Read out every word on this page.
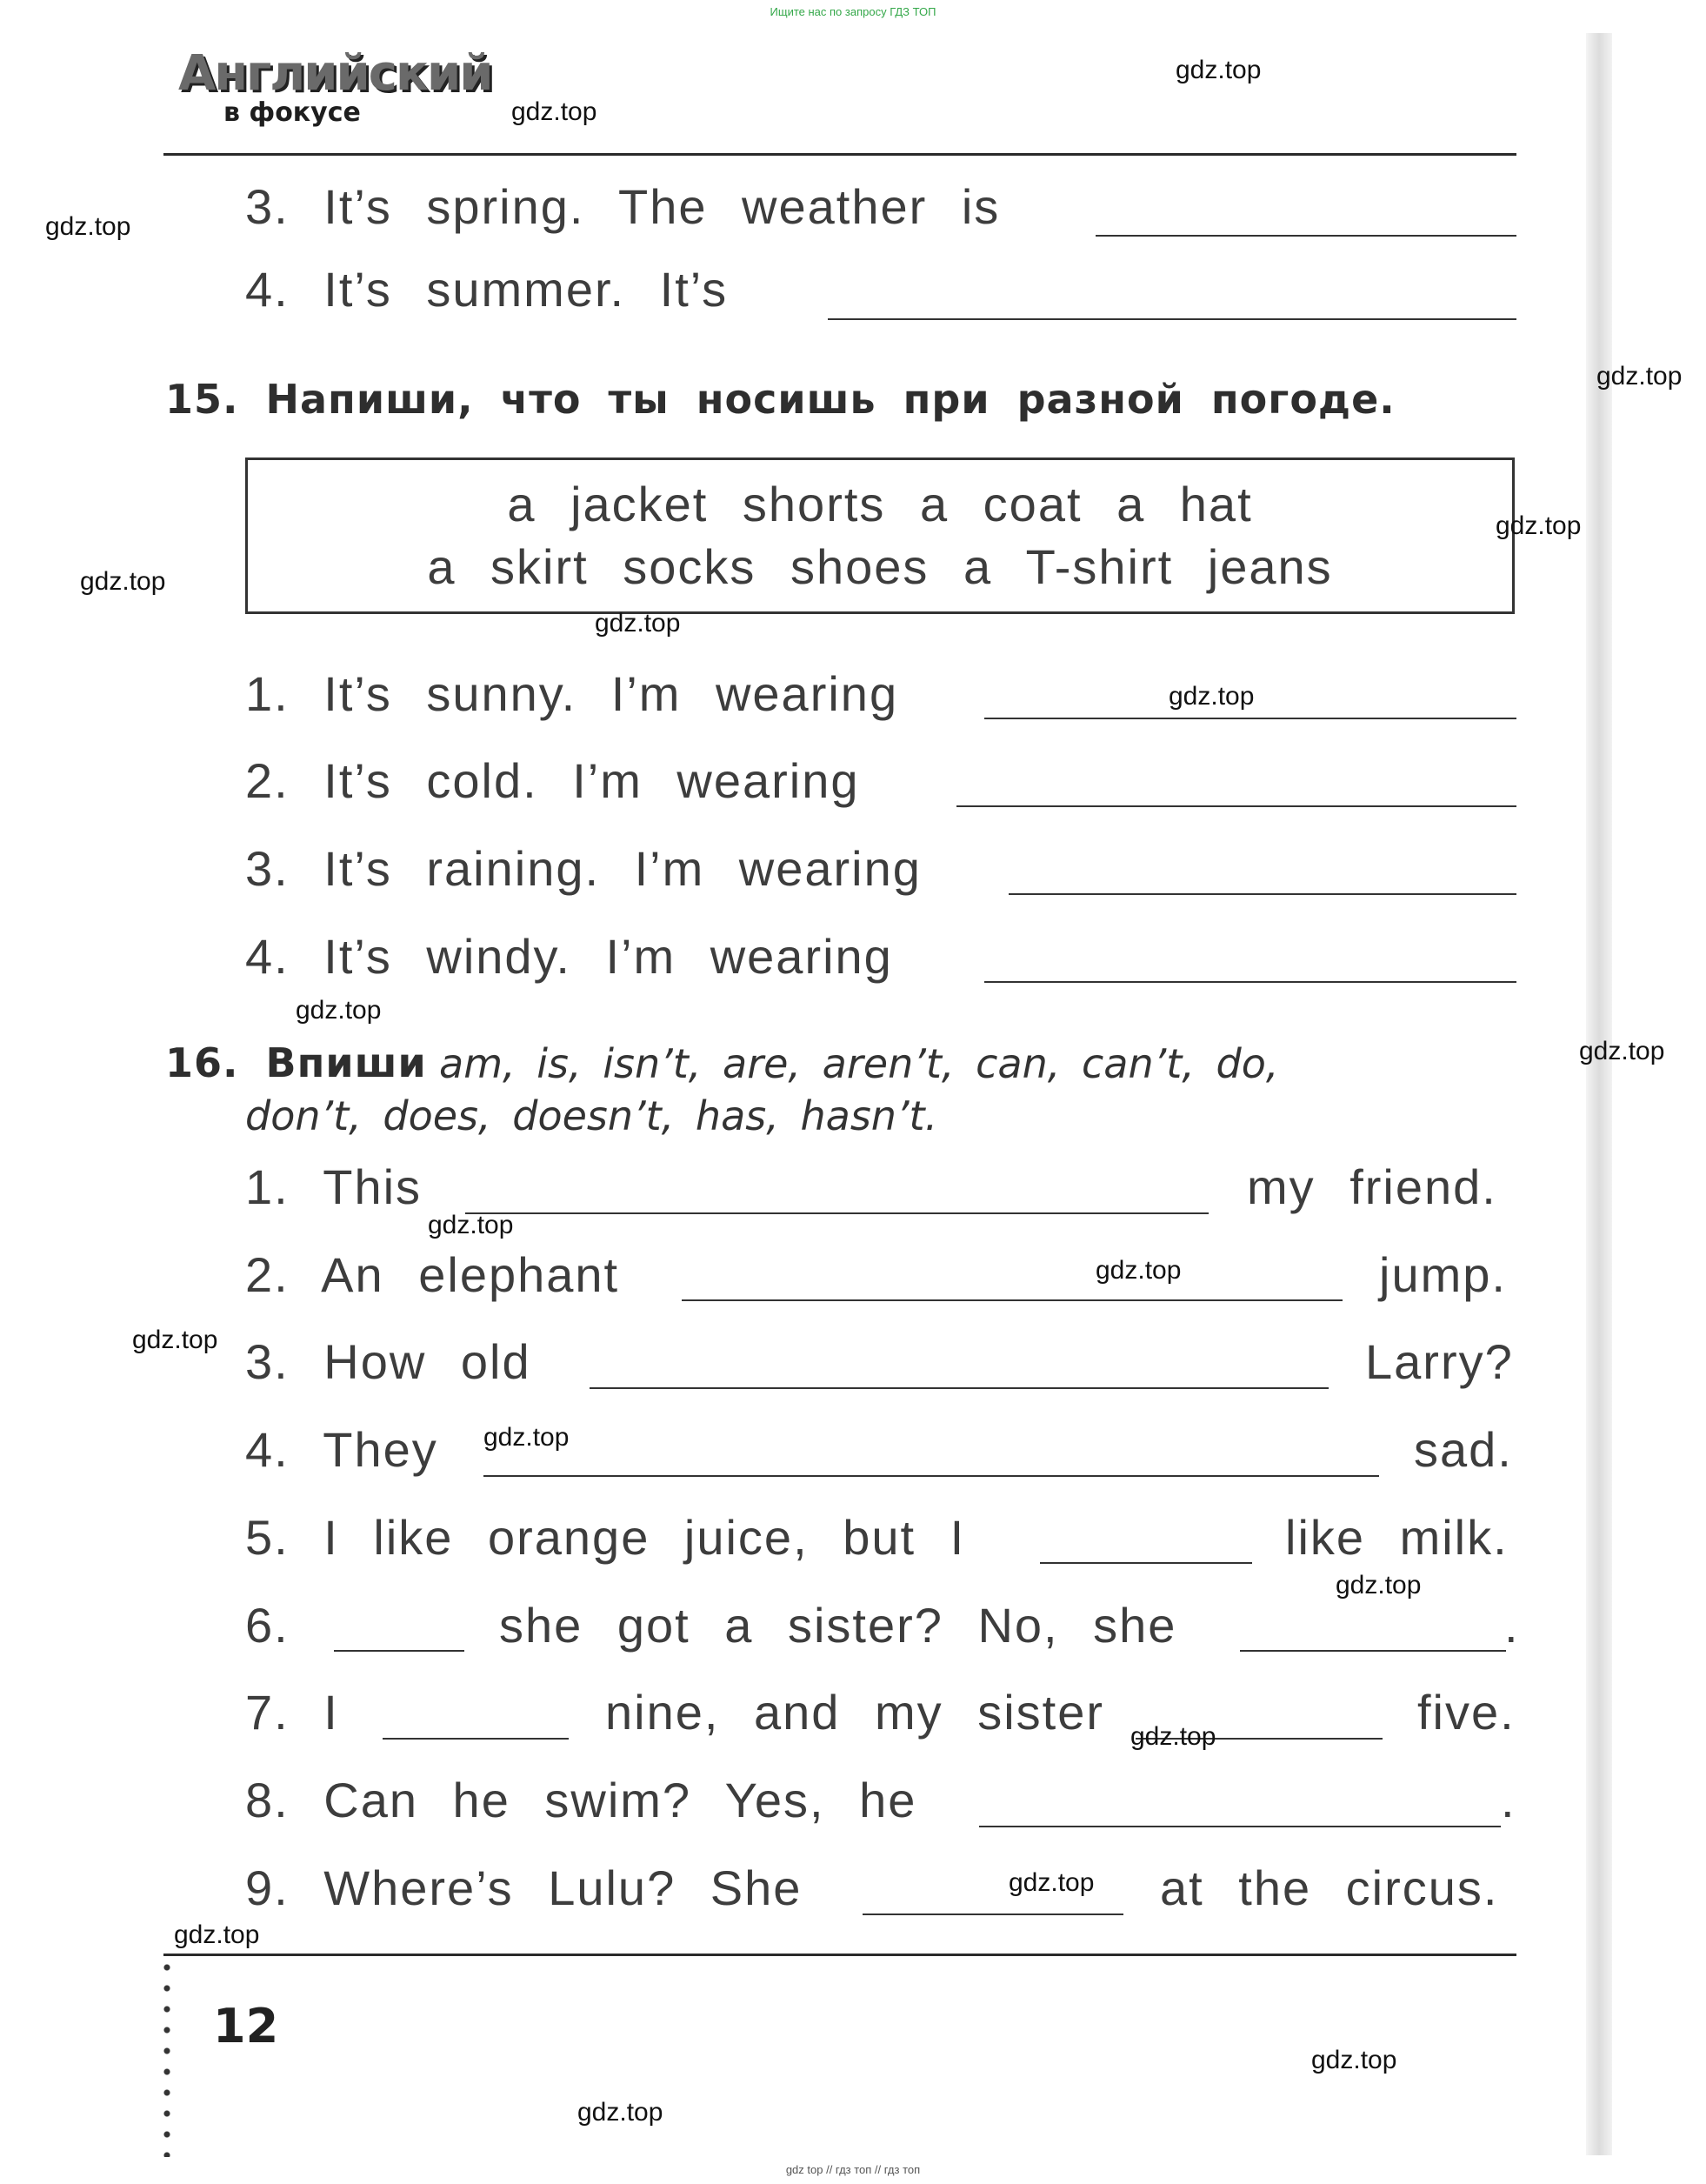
Ищите нас по запросу ГДЗ ТОП
Английский
в фокусе
3. It’s spring. The weather is
4. It’s summer. It’s
15. Напиши, что ты носишь при разной погоде.
a jacket shorts a coat a hat
a skirt socks shoes a T-shirt jeans
1. It’s sunny. I’m wearing
2. It’s cold. I’m wearing
3. It’s raining. I’m wearing
4. It’s windy. I’m wearing
16. Впиши am, is, isn’t, are, aren’t, can, can’t, do,
don’t, does, doesn’t, has, hasn’t.
1. This	my friend.
2. An elephant	jump.
3. How old	Larry?
4. They	sad.
5. I like orange juice, but I	like milk.
6.	she got a sister? No, she	.
7. I	nine, and my sister	five.
8. Can he swim? Yes, he	.
9. Where’s Lulu? She	at the circus.
12
gdz.top
gdz.top
gdz.top
gdz.top
gdz.top
gdz.top
gdz.top
gdz.top
gdz.top
gdz.top
gdz.top
gdz.top
gdz.top
gdz.top
gdz.top
gdz.top
gdz.top
gdz.top
gdz.top
gdz.top
gdz top // гдз топ // гдз топ
